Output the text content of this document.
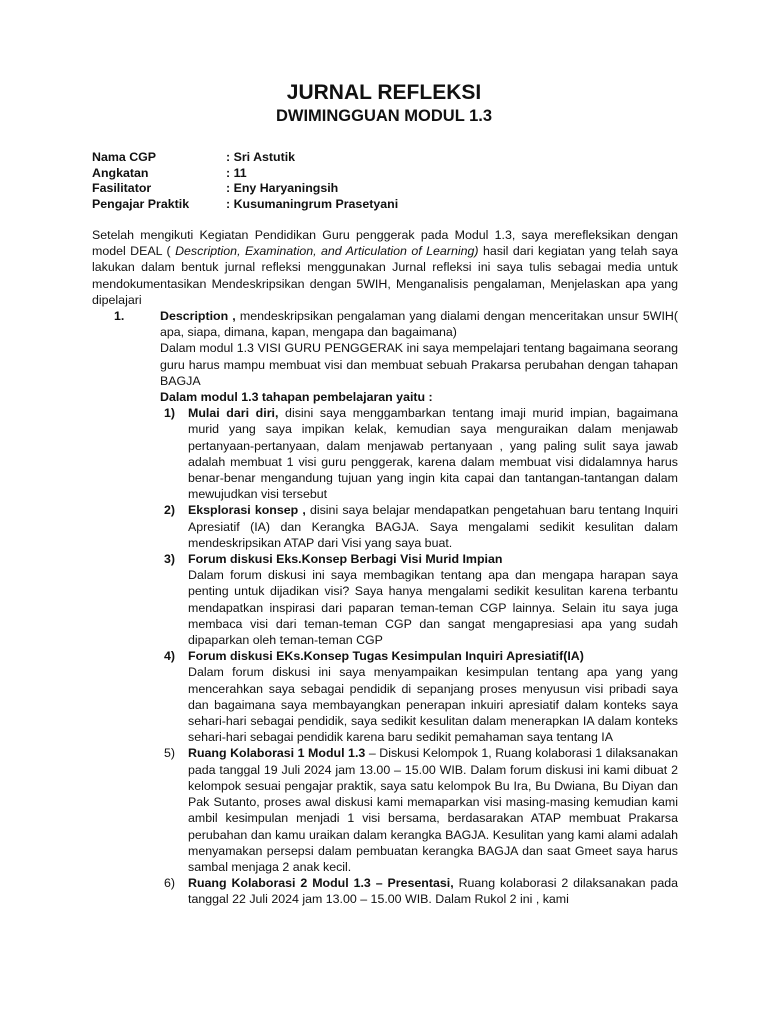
JURNAL REFLEKSI
DWIMINGGUAN MODUL 1.3
Nama CGP	: Sri Astutik
Angkatan	: 11
Fasilitator	: Eny Haryaningsih
Pengajar Praktik	: Kusumaningrum Prasetyani

Setelah mengikuti Kegiatan Pendidikan Guru penggerak pada Modul 1.3, saya merefleksikan dengan model DEAL ( Description, Examination, and Articulation of Learning) hasil dari kegiatan yang telah saya lakukan dalam bentuk jurnal refleksi menggunakan Jurnal refleksi ini saya tulis sebagai media untuk mendokumentasikan Mendeskripsikan dengan 5WIH, Menganalisis pengalaman, Menjelaskan apa yang dipelajari

1.	Description , mendeskripsikan pengalaman yang dialami dengan menceritakan unsur 5WIH( apa, siapa, dimana, kapan, mengapa dan bagaimana)
Dalam modul 1.3 VISI GURU PENGGERAK ini saya mempelajari tentang bagaimana seorang guru harus mampu membuat visi dan membuat sebuah Prakarsa perubahan dengan tahapan BAGJA
Dalam modul 1.3 tahapan pembelajaran yaitu :
1)	Mulai dari diri, disini saya menggambarkan tentang imaji murid impian, bagaimana murid yang saya impikan kelak, kemudian saya menguraikan dalam menjawab pertanyaan-pertanyaan, dalam menjawab pertanyaan , yang paling sulit saya jawab adalah membuat 1 visi guru penggerak, karena dalam membuat visi didalamnya harus benar-benar mengandung tujuan yang ingin kita capai dan tantangan-tantangan dalam mewujudkan visi tersebut
2)	Eksplorasi konsep , disini saya belajar mendapatkan pengetahuan baru tentang Inquiri Apresiatif (IA) dan Kerangka BAGJA. Saya mengalami sedikit kesulitan dalam mendeskripsikan ATAP dari Visi yang saya buat.
3)	Forum diskusi Eks.Konsep Berbagi Visi Murid Impian
Dalam forum diskusi ini saya membagikan tentang apa dan mengapa harapan saya penting untuk dijadikan visi? Saya hanya mengalami sedikit kesulitan karena terbantu mendapatkan inspirasi dari paparan teman-teman CGP lainnya. Selain itu saya juga membaca visi dari teman-teman CGP dan sangat mengapresiasi apa yang sudah dipaparkan oleh teman-teman CGP
4)	Forum diskusi EKs.Konsep Tugas Kesimpulan Inquiri Apresiatif(IA)
Dalam forum diskusi ini saya menyampaikan kesimpulan tentang apa yang yang mencerahkan saya sebagai pendidik di sepanjang proses menyusun visi pribadi saya dan bagaimana saya membayangkan penerapan inkuiri apresiatif dalam konteks saya sehari-hari sebagai pendidik, saya sedikit kesulitan dalam menerapkan IA dalam konteks sehari-hari sebagai pendidik karena baru sedikit pemahaman saya tentang IA
5)	Ruang Kolaborasi 1 Modul 1.3 – Diskusi Kelompok 1, Ruang kolaborasi 1 dilaksanakan pada tanggal 19 Juli 2024 jam 13.00 – 15.00 WIB. Dalam forum diskusi ini kami dibuat 2 kelompok sesuai pengajar praktik, saya satu kelompok Bu Ira, Bu Dwiana, Bu Diyan dan Pak Sutanto, proses awal diskusi kami memaparkan visi masing-masing kemudian kami ambil kesimpulan menjadi 1 visi bersama, berdasarakan ATAP membuat Prakarsa perubahan dan kamu uraikan dalam kerangka BAGJA. Kesulitan yang kami alami adalah menyamakan persepsi dalam pembuatan kerangka BAGJA dan saat Gmeet saya harus sambal menjaga 2 anak kecil.
6)	Ruang Kolaborasi 2 Modul 1.3 – Presentasi, Ruang kolaborasi 2 dilaksanakan pada tanggal 22 Juli 2024 jam 13.00 – 15.00 WIB. Dalam Rukol 2 ini , kami
